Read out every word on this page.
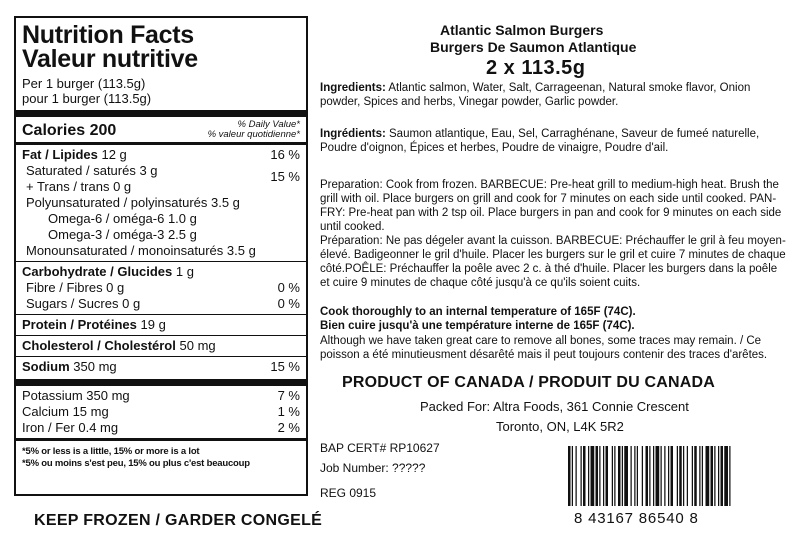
Nutrition Facts
Valeur nutritive
Per 1 burger (113.5g)
pour 1 burger (113.5g)
Calories 200	% Daily Value*
% valeur quotidienne*
Fat / Lipides 12 g	16 %
Saturated / saturés 3 g
+ Trans / trans 0 g
15 %
Polyunsaturated / polyinsaturés 3.5 g
Omega-6 / oméga-6 1.0 g
Omega-3 / oméga-3 2.5 g
Monounsaturated / monoinsaturés 3.5 g
Carbohydrate / Glucides 1 g
Fibre / Fibres 0 g	0 %
Sugars / Sucres 0 g	0 %
Protein / Protéines 19 g
Cholesterol / Cholestérol 50 mg
Sodium 350 mg	15 %
Potassium 350 mg	7 %
Calcium 15 mg	1 %
Iron / Fer 0.4 mg	2 %
*5% or less is a little, 15% or more is a lot
*5% ou moins s'est peu, 15% ou plus c'est beaucoup
KEEP FROZEN / GARDER CONGELÉ
Atlantic Salmon Burgers
Burgers De Saumon Atlantique
2 x 113.5g
Ingredients: Atlantic salmon, Water, Salt, Carrageenan, Natural smoke flavor, Onion powder, Spices and herbs, Vinegar powder, Garlic powder.
Ingrédients: Saumon atlantique, Eau, Sel, Carraghénane, Saveur de fumeé naturelle, Poudre d'oignon, Épices et herbes, Poudre de vinaigre, Poudre d'ail.
Preparation: Cook from frozen. BARBECUE: Pre-heat grill to medium-high heat. Brush the grill with oil. Place burgers on grill and cook for 7 minutes on each side until cooked. PAN-FRY: Pre-heat pan with 2 tsp oil. Place burgers in pan and cook for 9 minutes on each side until cooked.
Préparation: Ne pas dégeler avant la cuisson. BARBECUE: Préchauffer le gril à feu moyen-élevé. Badigeonner le gril d'huile. Placer les burgers sur le gril et cuire 7 minutes de chaque côté.POÊLE: Préchauffer la poêle avec 2 c. à thé d'huile. Placer les burgers dans la poêle et cuire 9 minutes de chaque côté jusqu'à ce qu'ils soient cuits.
Cook thoroughly to an internal temperature of 165F (74C).
Bien cuire jusqu'à une température interne de 165F (74C).
Although we have taken great care to remove all bones, some traces may remain. / Ce poisson a été minutieusment désarêté mais il peut toujours contenir des traces d'arêtes.
PRODUCT OF CANADA / PRODUIT DU CANADA
Packed For: Altra Foods, 361 Connie Crescent
Toronto, ON, L4K 5R2
BAP CERT# RP10627
Job Number: ?????
REG 0915
8 43167 86540 8
